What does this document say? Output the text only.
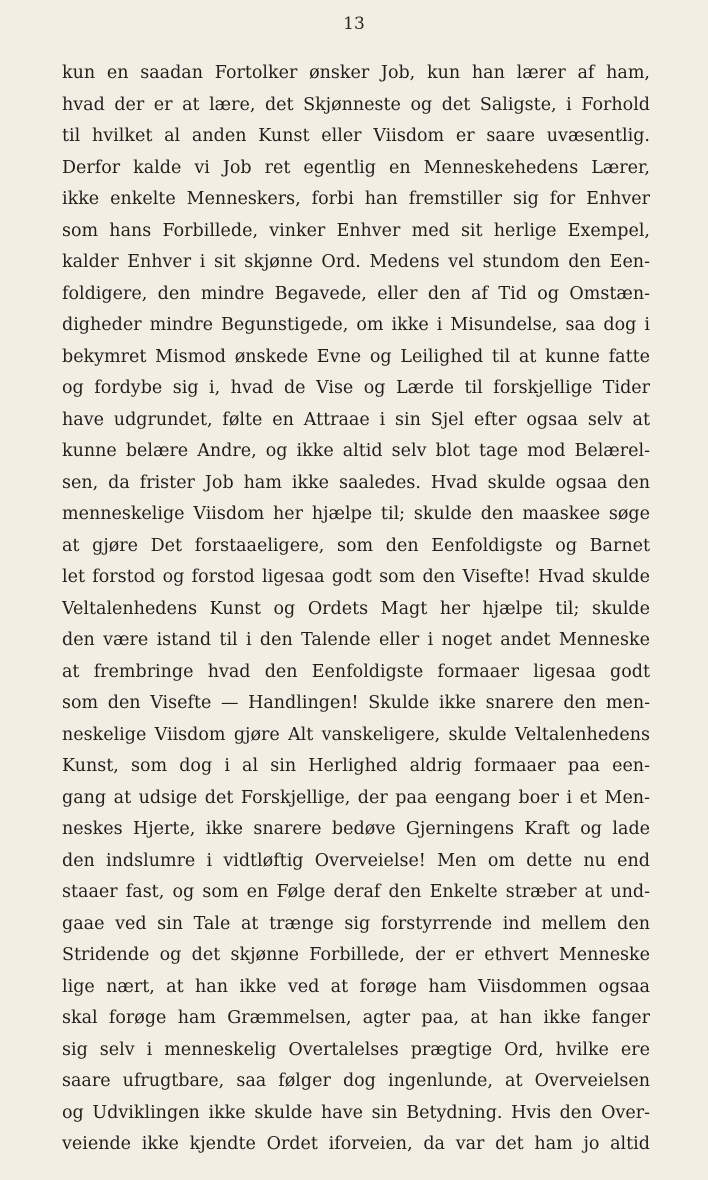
13
kun en saadan Fortolker ønsker Job, kun han lærer af ham,
hvad der er at lære, det Skjønneste og det Saligste, i Forhold
til hvilket al anden Kunst eller Viisdom er saare uvæsentlig.
Derfor kalde vi Job ret egentlig en Menneskehedens Lærer,
ikke enkelte Menneskers, forbi han fremstiller sig for Enhver
som hans Forbillede, vinker Enhver med sit herlige Exempel,
kalder Enhver i sit skjønne Ord. Medens vel stundom den Een-
foldigere, den mindre Begavede, eller den af Tid og Omstæn-
digheder mindre Begunstigede, om ikke i Misundelse, saa dog i
bekymret Mismod ønskede Evne og Leilighed til at kunne fatte
og fordybe sig i, hvad de Vise og Lærde til forskjellige Tider
have udgrundet, følte en Attraae i sin Sjel efter ogsaa selv at
kunne belære Andre, og ikke altid selv blot tage mod Belærel-
sen, da frister Job ham ikke saaledes. Hvad skulde ogsaa den
menneskelige Viisdom her hjælpe til; skulde den maaskee søge
at gjøre Det forstaaeligere, som den Eenfoldigste og Barnet
let forstod og forstod ligesaa godt som den Visefte! Hvad skulde
Veltalenhedens Kunst og Ordets Magt her hjælpe til; skulde
den være istand til i den Talende eller i noget andet Menneske
at frembringe hvad den Eenfoldigste formaaer ligesaa godt
som den Visefte — Handlingen! Skulde ikke snarere den men-
neskelige Viisdom gjøre Alt vanskeligere, skulde Veltalenhedens
Kunst, som dog i al sin Herlighed aldrig formaaer paa een-
gang at udsige det Forskjellige, der paa eengang boer i et Men-
neskes Hjerte, ikke snarere bedøve Gjerningens Kraft og lade
den indslumre i vidtløftig Overveielse! Men om dette nu end
staaer fast, og som en Følge deraf den Enkelte stræber at und-
gaae ved sin Tale at trænge sig forstyrrende ind mellem den
Stridende og det skjønne Forbillede, der er ethvert Menneske
lige nært, at han ikke ved at forøge ham Viisdommen ogsaa
skal forøge ham Græmmelsen, agter paa, at han ikke fanger
sig selv i menneskelig Overtalelses prægtige Ord, hvilke ere
saare ufrugtbare, saa følger dog ingenlunde, at Overveielsen
og Udviklingen ikke skulde have sin Betydning. Hvis den Over-
veiende ikke kjendte Ordet iforveien, da var det ham jo altid
